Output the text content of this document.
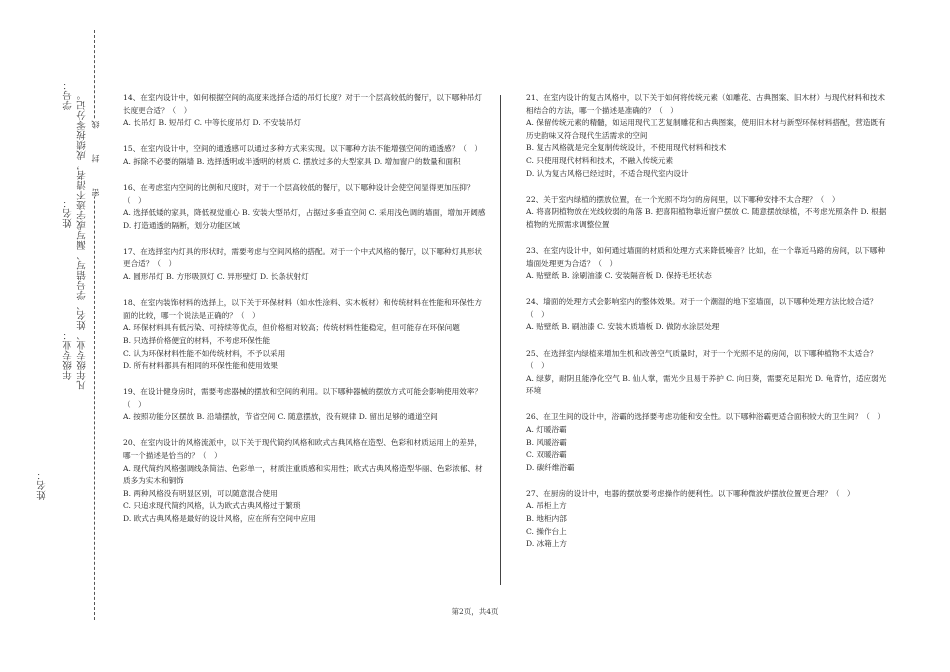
学号：
姓名：
年级专业： 凡年级专业、姓名、学号错写、漏写或字迹不清者，成绩按零分记。 密　　　封　　　线
姓名：

14、在室内设计中，如何根据空间的高度来选择合适的吊灯长度？对于一个层高较低的餐厅，以下哪种吊灯长度更合适？（　）

A. 长吊灯 B. 短吊灯 C. 中等长度吊灯 D. 不安装吊灯

15、在室内设计中，空间的通透感可以通过多种方式来实现。以下哪种方法不能增强空间的通透感？（　）

A. 拆除不必要的隔墙 B. 选择透明或半透明的材质 C. 摆放过多的大型家具 D. 增加窗户的数量和面积

16、在考虑室内空间的比例和尺度时，对于一个层高较低的餐厅，以下哪种设计会使空间显得更加压抑？（　）

A. 选择低矮的家具，降低视觉重心 B. 安装大型吊灯，占据过多垂直空间 C. 采用浅色调的墙面，增加开阔感 D. 打造通透的隔断，划分功能区域

17、在选择室内灯具的形状时，需要考虑与空间风格的搭配。对于一个中式风格的餐厅，以下哪种灯具形状更合适？（　）

A. 圆形吊灯 B. 方形吸顶灯 C. 异形壁灯 D. 长条状射灯

18、在室内装饰材料的选择上，以下关于环保材料（如水性涂料、实木板材）和传统材料在性能和环保性方面的比较，哪一个说法是正确的？（　）

A. 环保材料具有低污染、可持续等优点，但价格相对较高；传统材料性能稳定，但可能存在环保问题

B. 只选择价格便宜的材料，不考虑环保性能

C. 认为环保材料性能不如传统材料，不予以采用

D. 所有材料都具有相同的环保性能和使用效果

19、在设计健身房时，需要考虑器械的摆放和空间的利用。以下哪种器械的摆放方式可能会影响使用效率？（　）

A. 按照功能分区摆放 B. 沿墙摆放，节省空间 C. 随意摆放，没有规律 D. 留出足够的通道空间

20、在室内设计的风格流派中，以下关于现代简约风格和欧式古典风格在造型、色彩和材质运用上的差异，哪一个描述是恰当的？（　）

A. 现代简约风格强调线条简洁、色彩单一，材质注重质感和实用性；欧式古典风格造型华丽、色彩浓郁、材质多为实木和铜饰

B. 两种风格没有明显区别，可以随意混合使用

C. 只追求现代简约风格，认为欧式古典风格过于繁琐

D. 欧式古典风格是最好的设计风格，应在所有空间中应用

21、在室内设计的复古风格中，以下关于如何将传统元素（如雕花、古典图案、旧木材）与现代材料和技术相结合的方法，哪一个描述是准确的？（　）

A. 保留传统元素的精髓，如运用现代工艺复制雕花和古典图案，使用旧木材与新型环保材料搭配，营造既有历史韵味又符合现代生活需求的空间

B. 复古风格就是完全复制传统设计，不使用现代材料和技术

C. 只使用现代材料和技术，不融入传统元素

D. 认为复古风格已经过时，不适合现代室内设计

22、关于室内绿植的摆放位置，在一个光照不均匀的房间里，以下哪种安排不太合理？（　）

A. 将喜阴植物放在光线较弱的角落 B. 把喜阳植物靠近窗户摆放 C. 随意摆放绿植，不考虑光照条件 D. 根据植物的光照需求调整位置

23、在室内设计中，如何通过墙面的材质和处理方式来降低噪音？比如，在一个靠近马路的房间，以下哪种墙面处理更为合适？（　）

A. 贴壁纸 B. 涂刷油漆 C. 安装隔音板 D. 保持毛坯状态

24、墙面的处理方式会影响室内的整体效果。对于一个潮湿的地下室墙面，以下哪种处理方法比较合适？（　）

A. 贴壁纸 B. 刷油漆 C. 安装木质墙板 D. 做防水涂层处理

25、在选择室内绿植来增加生机和改善空气质量时，对于一个光照不足的房间，以下哪种植物不太适合？（　）

A. 绿萝，耐阴且能净化空气 B. 仙人掌，需光少且易于养护 C. 向日葵，需要充足阳光 D. 龟背竹，适应弱光环境

26、在卫生间的设计中，浴霸的选择要考虑功能和安全性。以下哪种浴霸更适合面积较大的卫生间？（　）

A. 灯暖浴霸

B. 风暖浴霸

C. 双暖浴霸

D. 碳纤维浴霸

27、在厨房的设计中，电器的摆放要考虑操作的便利性。以下哪种微波炉摆放位置更合理？（　）

A. 吊柜上方

B. 地柜内部

C. 操作台上

D. 冰箱上方

第2页，共4页
